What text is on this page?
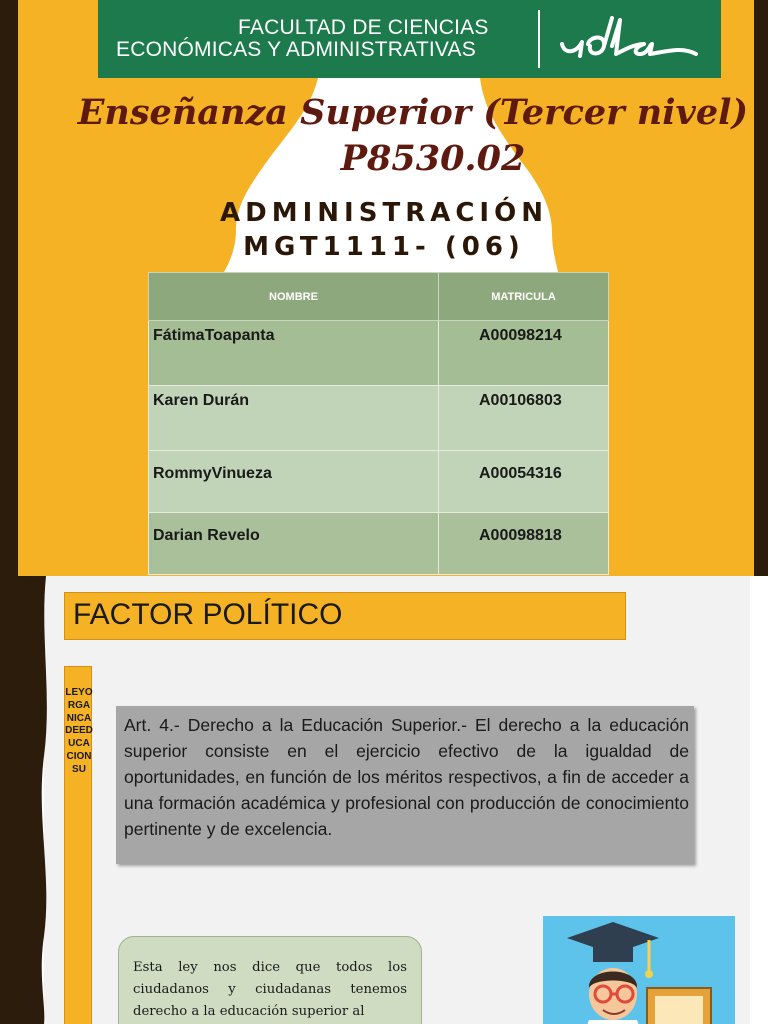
FACULTAD DE CIENCIAS
ECONÓMICAS Y ADMINISTRATIVAS
Enseñanza Superior (Tercer nivel)
P8530.02
ADMINISTRACIÓN
MGT1111- (06)
NOMBRE	MATRICULA
FátimaToapanta	A00098214
Karen Durán	A00106803
RommyVinueza	A00054316
Darian Revelo	A00098818
FACTOR POLÍTICO
LEYORGANICADEEDUCACIONSU
Art. 4.- Derecho a la Educación Superior.- El derecho a la educación superior consiste en el ejercicio efectivo de la igualdad de oportunidades, en función de los méritos respectivos, a fin de acceder a una formación académica y profesional con producción de conocimiento pertinente y de excelencia.
Esta ley nos dice que todos los ciudadanos y ciudadanas tenemos derecho a la educación superior al
